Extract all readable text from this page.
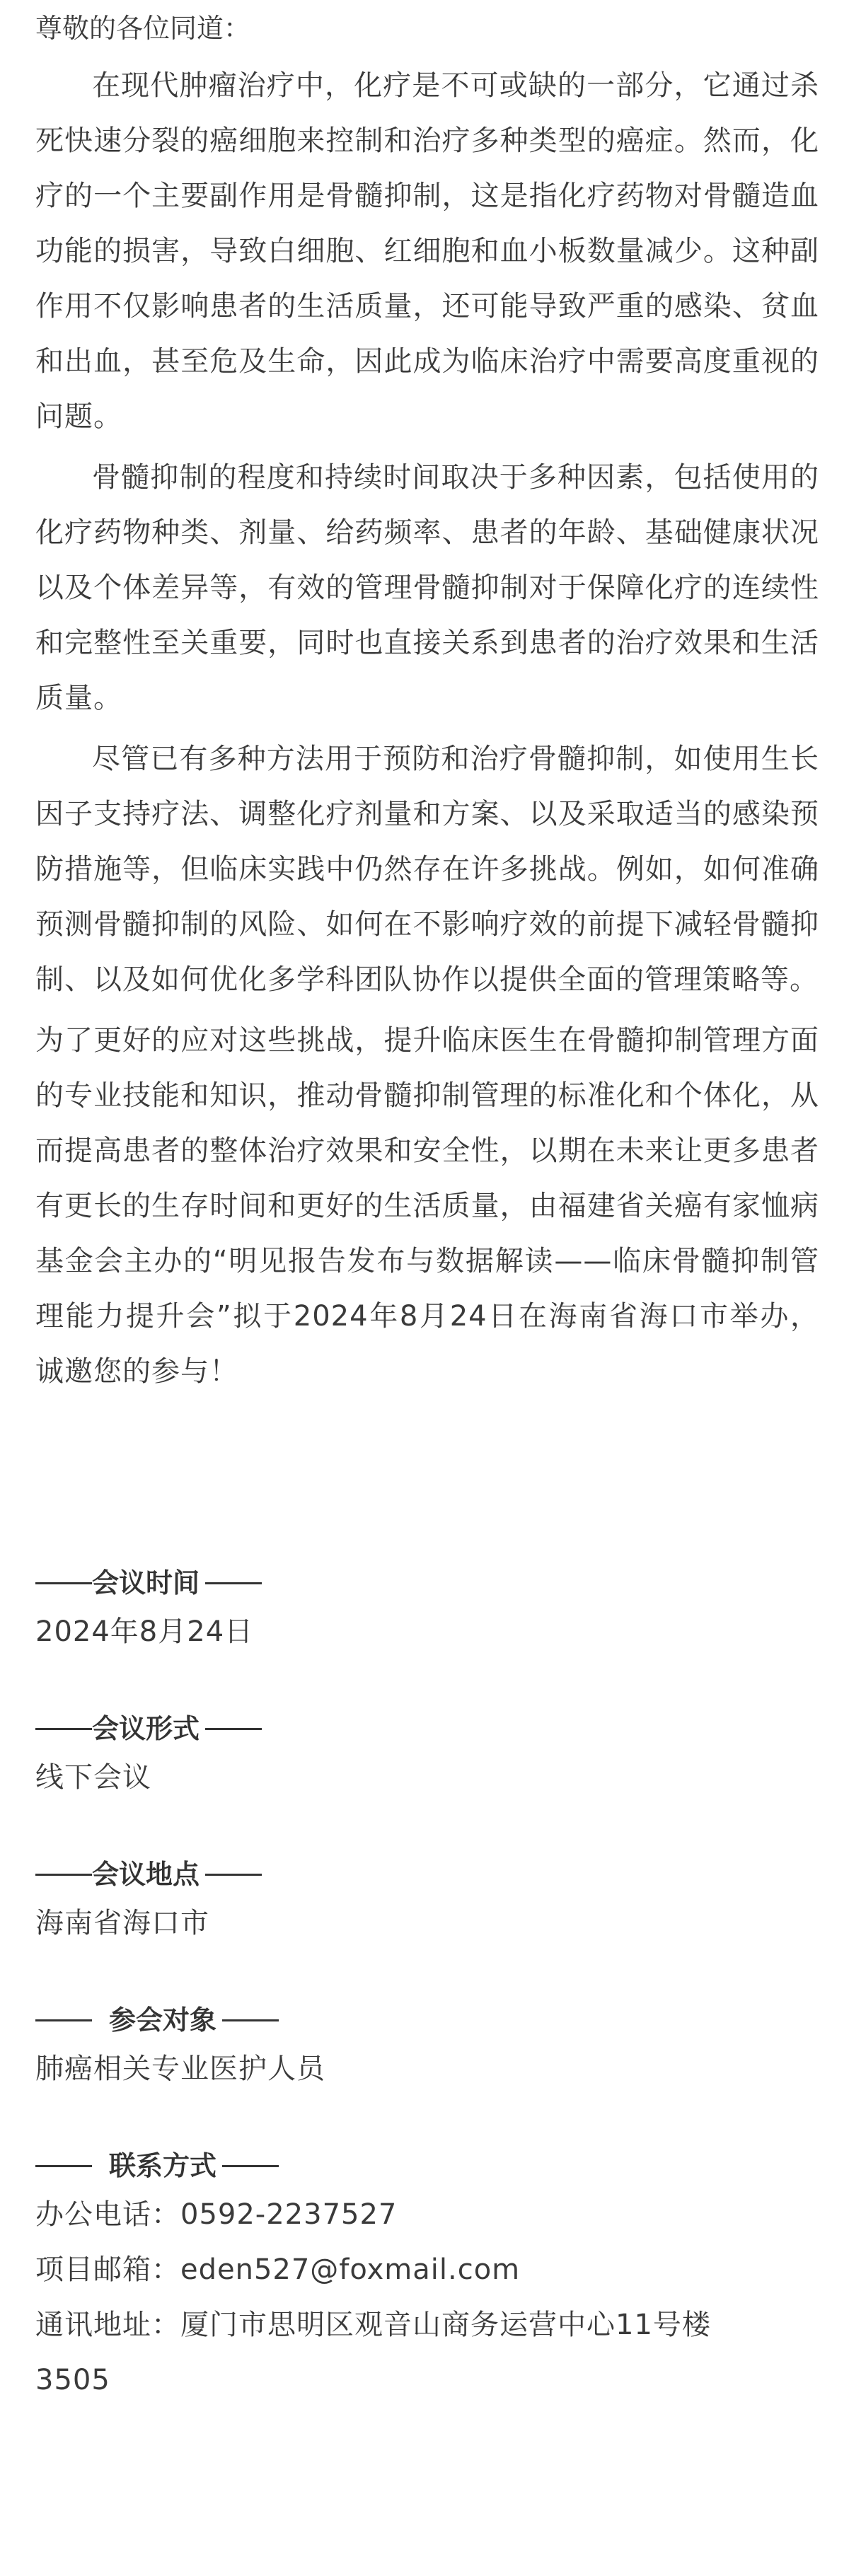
尊敬的各位同道：

在现代肿瘤治疗中，化疗是不可或缺的一部分，它通过杀死快速分裂的癌细胞来控制和治疗多种类型的癌症。然而，化疗的一个主要副作用是骨髓抑制，这是指化疗药物对骨髓造血功能的损害，导致白细胞、红细胞和血小板数量减少。这种副作用不仅影响患者的生活质量，还可能导致严重的感染、贫血和出血，甚至危及生命，因此成为临床治疗中需要高度重视的问题。

骨髓抑制的程度和持续时间取决于多种因素，包括使用的化疗药物种类、剂量、给药频率、患者的年龄、基础健康状况以及个体差异等，有效的管理骨髓抑制对于保障化疗的连续性和完整性至关重要，同时也直接关系到患者的治疗效果和生活质量。

尽管已有多种方法用于预防和治疗骨髓抑制，如使用生长因子支持疗法、调整化疗剂量和方案、以及采取适当的感染预防措施等，但临床实践中仍然存在许多挑战。例如，如何准确预测骨髓抑制的风险、如何在不影响疗效的前提下减轻骨髓抑制、以及如何优化多学科团队协作以提供全面的管理策略等。

为了更好的应对这些挑战，提升临床医生在骨髓抑制管理方面的专业技能和知识，推动骨髓抑制管理的标准化和个体化，从而提高患者的整体治疗效果和安全性，以期在未来让更多患者有更长的生存时间和更好的生活质量，由福建省关癌有家恤病基金会主办的“明见报告发布与数据解读——临床骨髓抑制管理能力提升会”拟于2024年8月24日在海南省海口市举办，诚邀您的参与！

会议时间
2024年8月24日
会议形式
线下会议
会议地点
海南省海口市
参会对象
肺癌相关专业医护人员
联系方式
办公电话：0592-2237527
项目邮箱：eden527@foxmail.com
通讯地址：厦门市思明区观音山商务运营中心11号楼
3505
